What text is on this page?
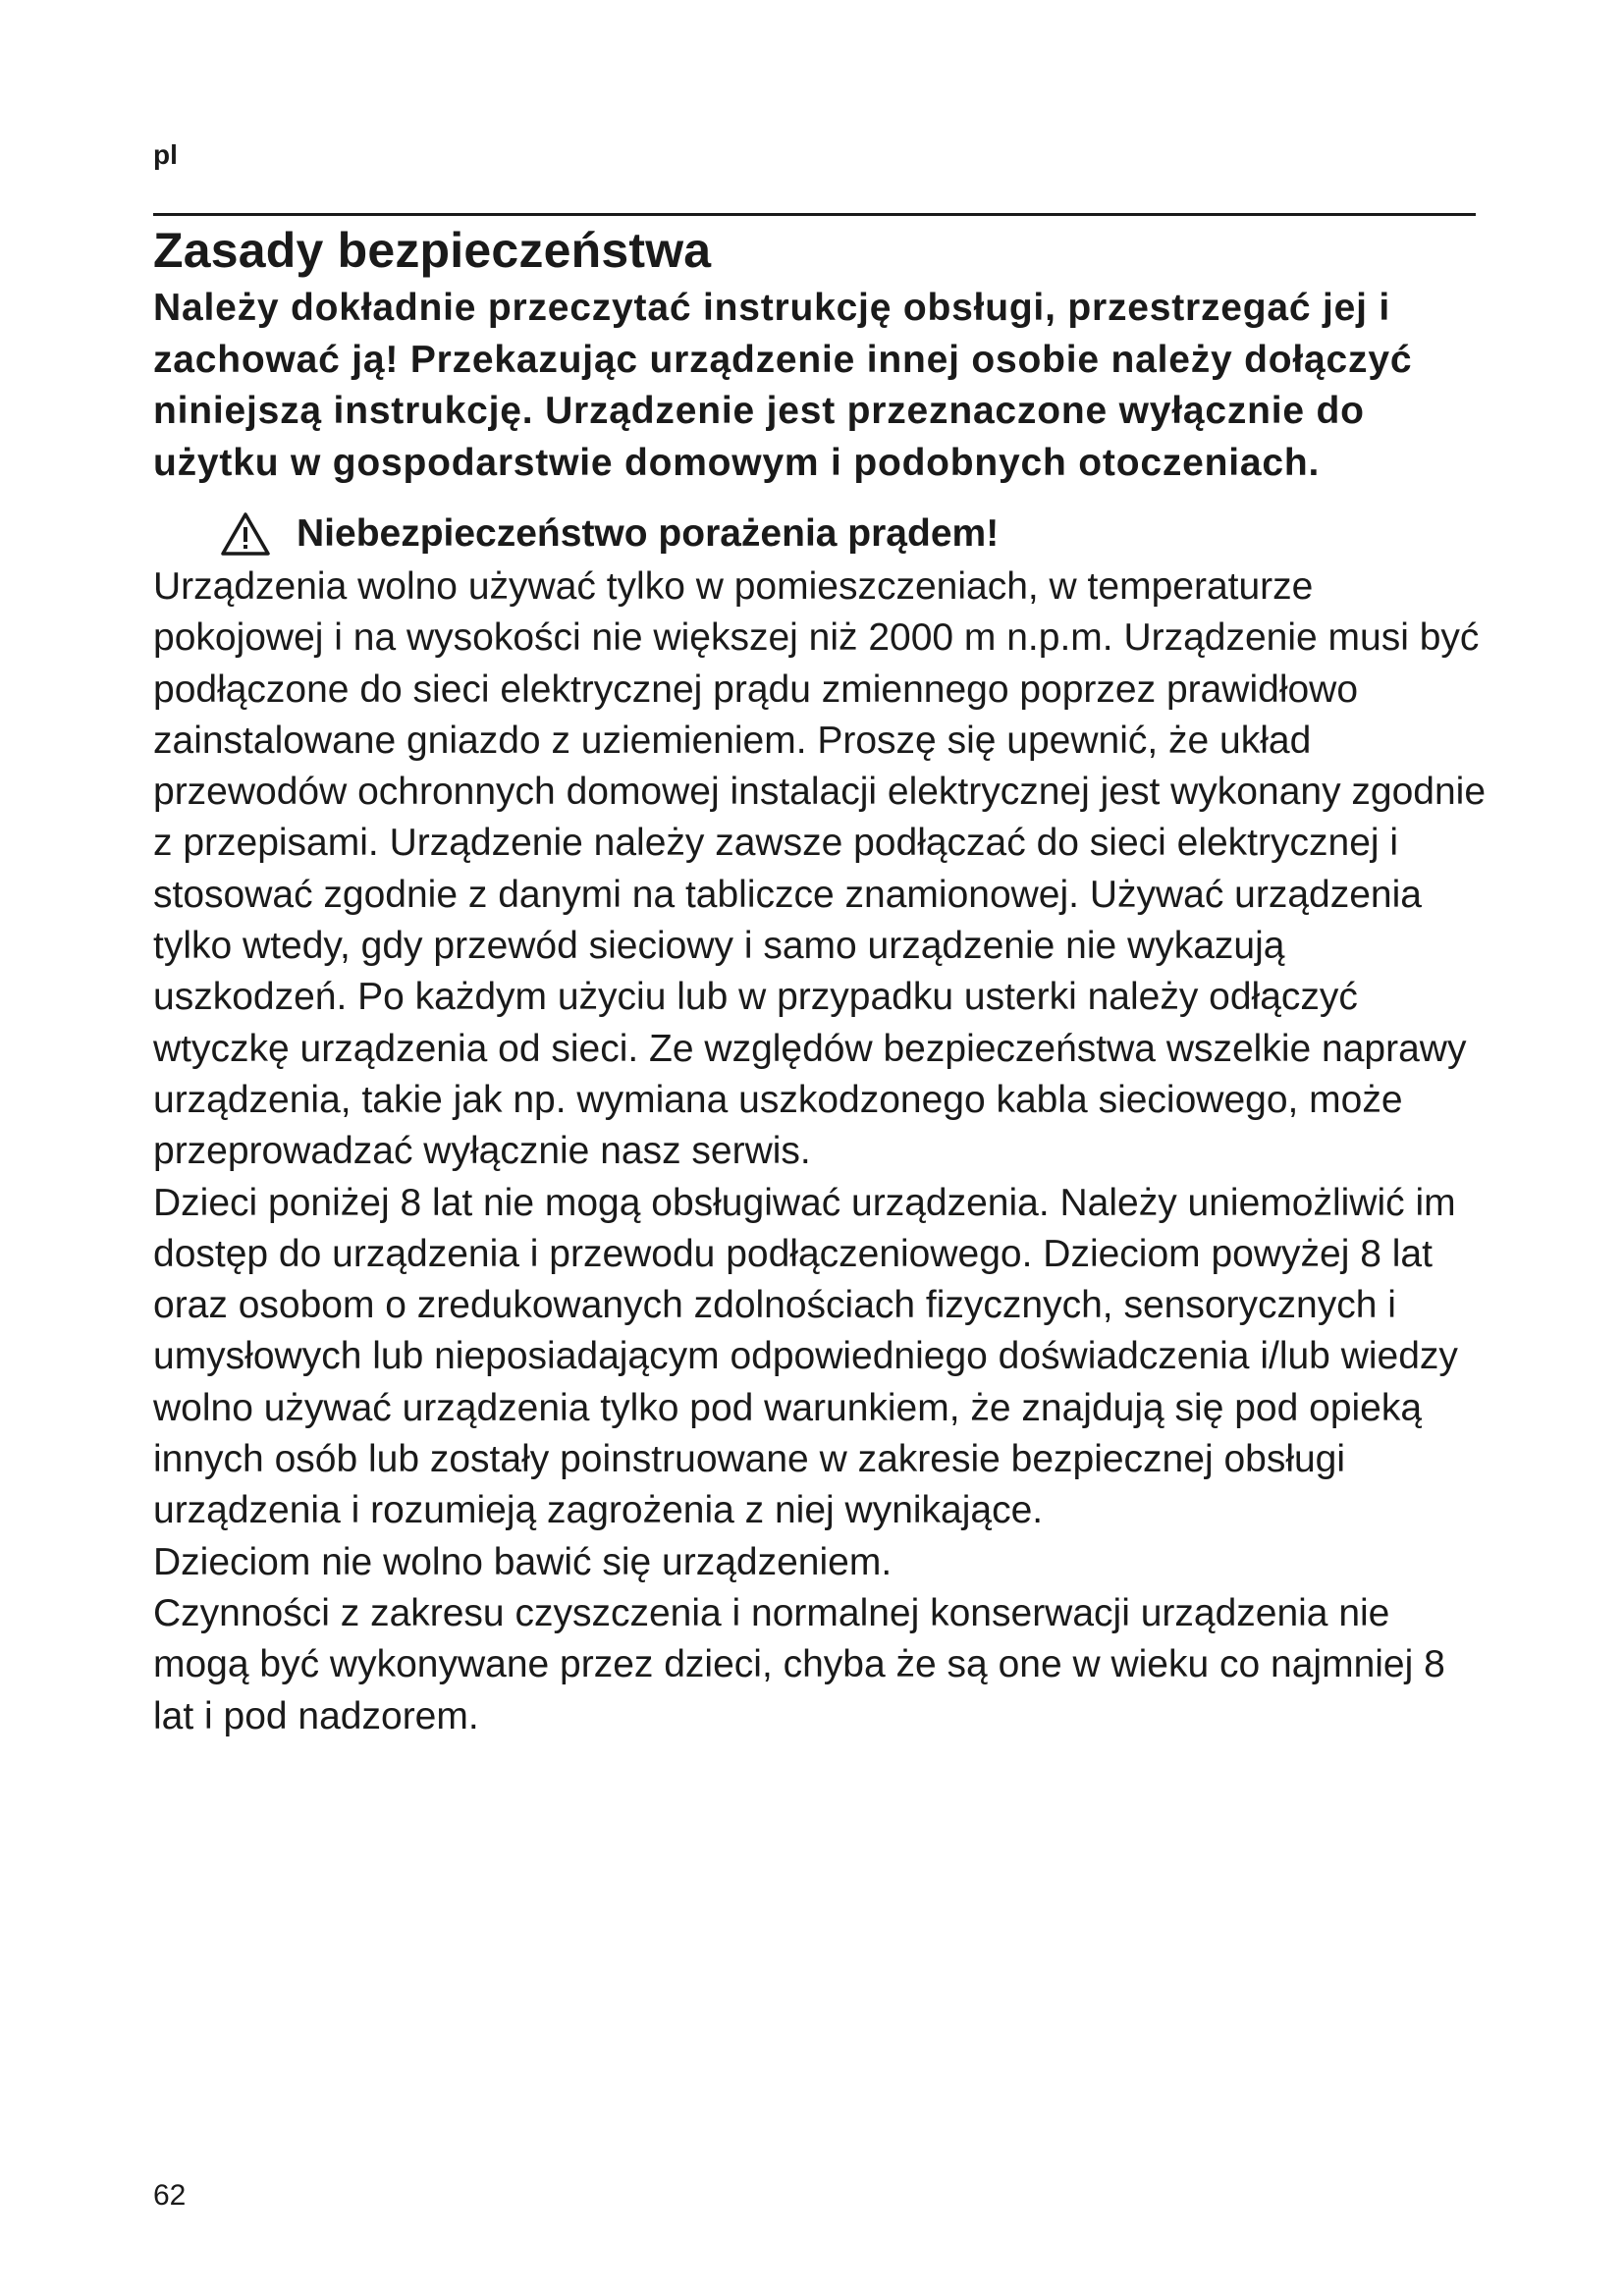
pl
Zasady bezpieczeństwa

Należy dokładnie przeczytać instrukcję obsługi, przestrzegać jej i zachować ją! Przekazując urządzenie innej osobie należy dołączyć niniejszą instrukcję. Urządzenie jest przeznaczone wyłącznie do użytku w gospodarstwie domowym i podobnych otoczeniach.

Niebezpieczeństwo porażenia prądem!

Urządzenia wolno używać tylko w pomieszczeniach, w temperaturze pokojowej i na wysokości nie większej niż 2000 m n.p.m. Urządzenie musi być podłączone do sieci elektrycznej prądu zmiennego poprzez prawidłowo zainstalowane gniazdo z uziemieniem. Proszę się upewnić, że układ przewodów ochronnych domowej instalacji elektrycznej jest wykonany zgodnie z przepisami. Urządzenie należy zawsze podłączać do sieci elektrycznej i stosować zgodnie z danymi na tabliczce znamionowej. Używać urządzenia tylko wtedy, gdy przewód sieciowy i samo urządzenie nie wykazują uszkodzeń. Po każdym użyciu lub w przypadku usterki należy odłączyć wtyczkę urządzenia od sieci. Ze względów bezpieczeństwa wszelkie naprawy urządzenia, takie jak np. wymiana uszkodzonego kabla sieciowego, może przeprowadzać wyłącznie nasz serwis.

Dzieci poniżej 8 lat nie mogą obsługiwać urządzenia. Należy uniemożliwić im dostęp do urządzenia i przewodu podłączeniowego. Dzieciom powyżej 8 lat oraz osobom o zredukowanych zdolnościach fizycznych, sensorycznych i umysłowych lub nieposiadającym odpowiedniego doświadczenia i/lub wiedzy wolno używać urządzenia tylko pod warunkiem, że znajdują się pod opieką innych osób lub zostały poinstruowane w zakresie bezpiecznej obsługi urządzenia i rozumieją zagrożenia z niej wynikające.

Dzieciom nie wolno bawić się urządzeniem.

Czynności z zakresu czyszczenia i normalnej konserwacji urządzenia nie mogą być wykonywane przez dzieci, chyba że są one w wieku co najmniej 8 lat i pod nadzorem.

62
